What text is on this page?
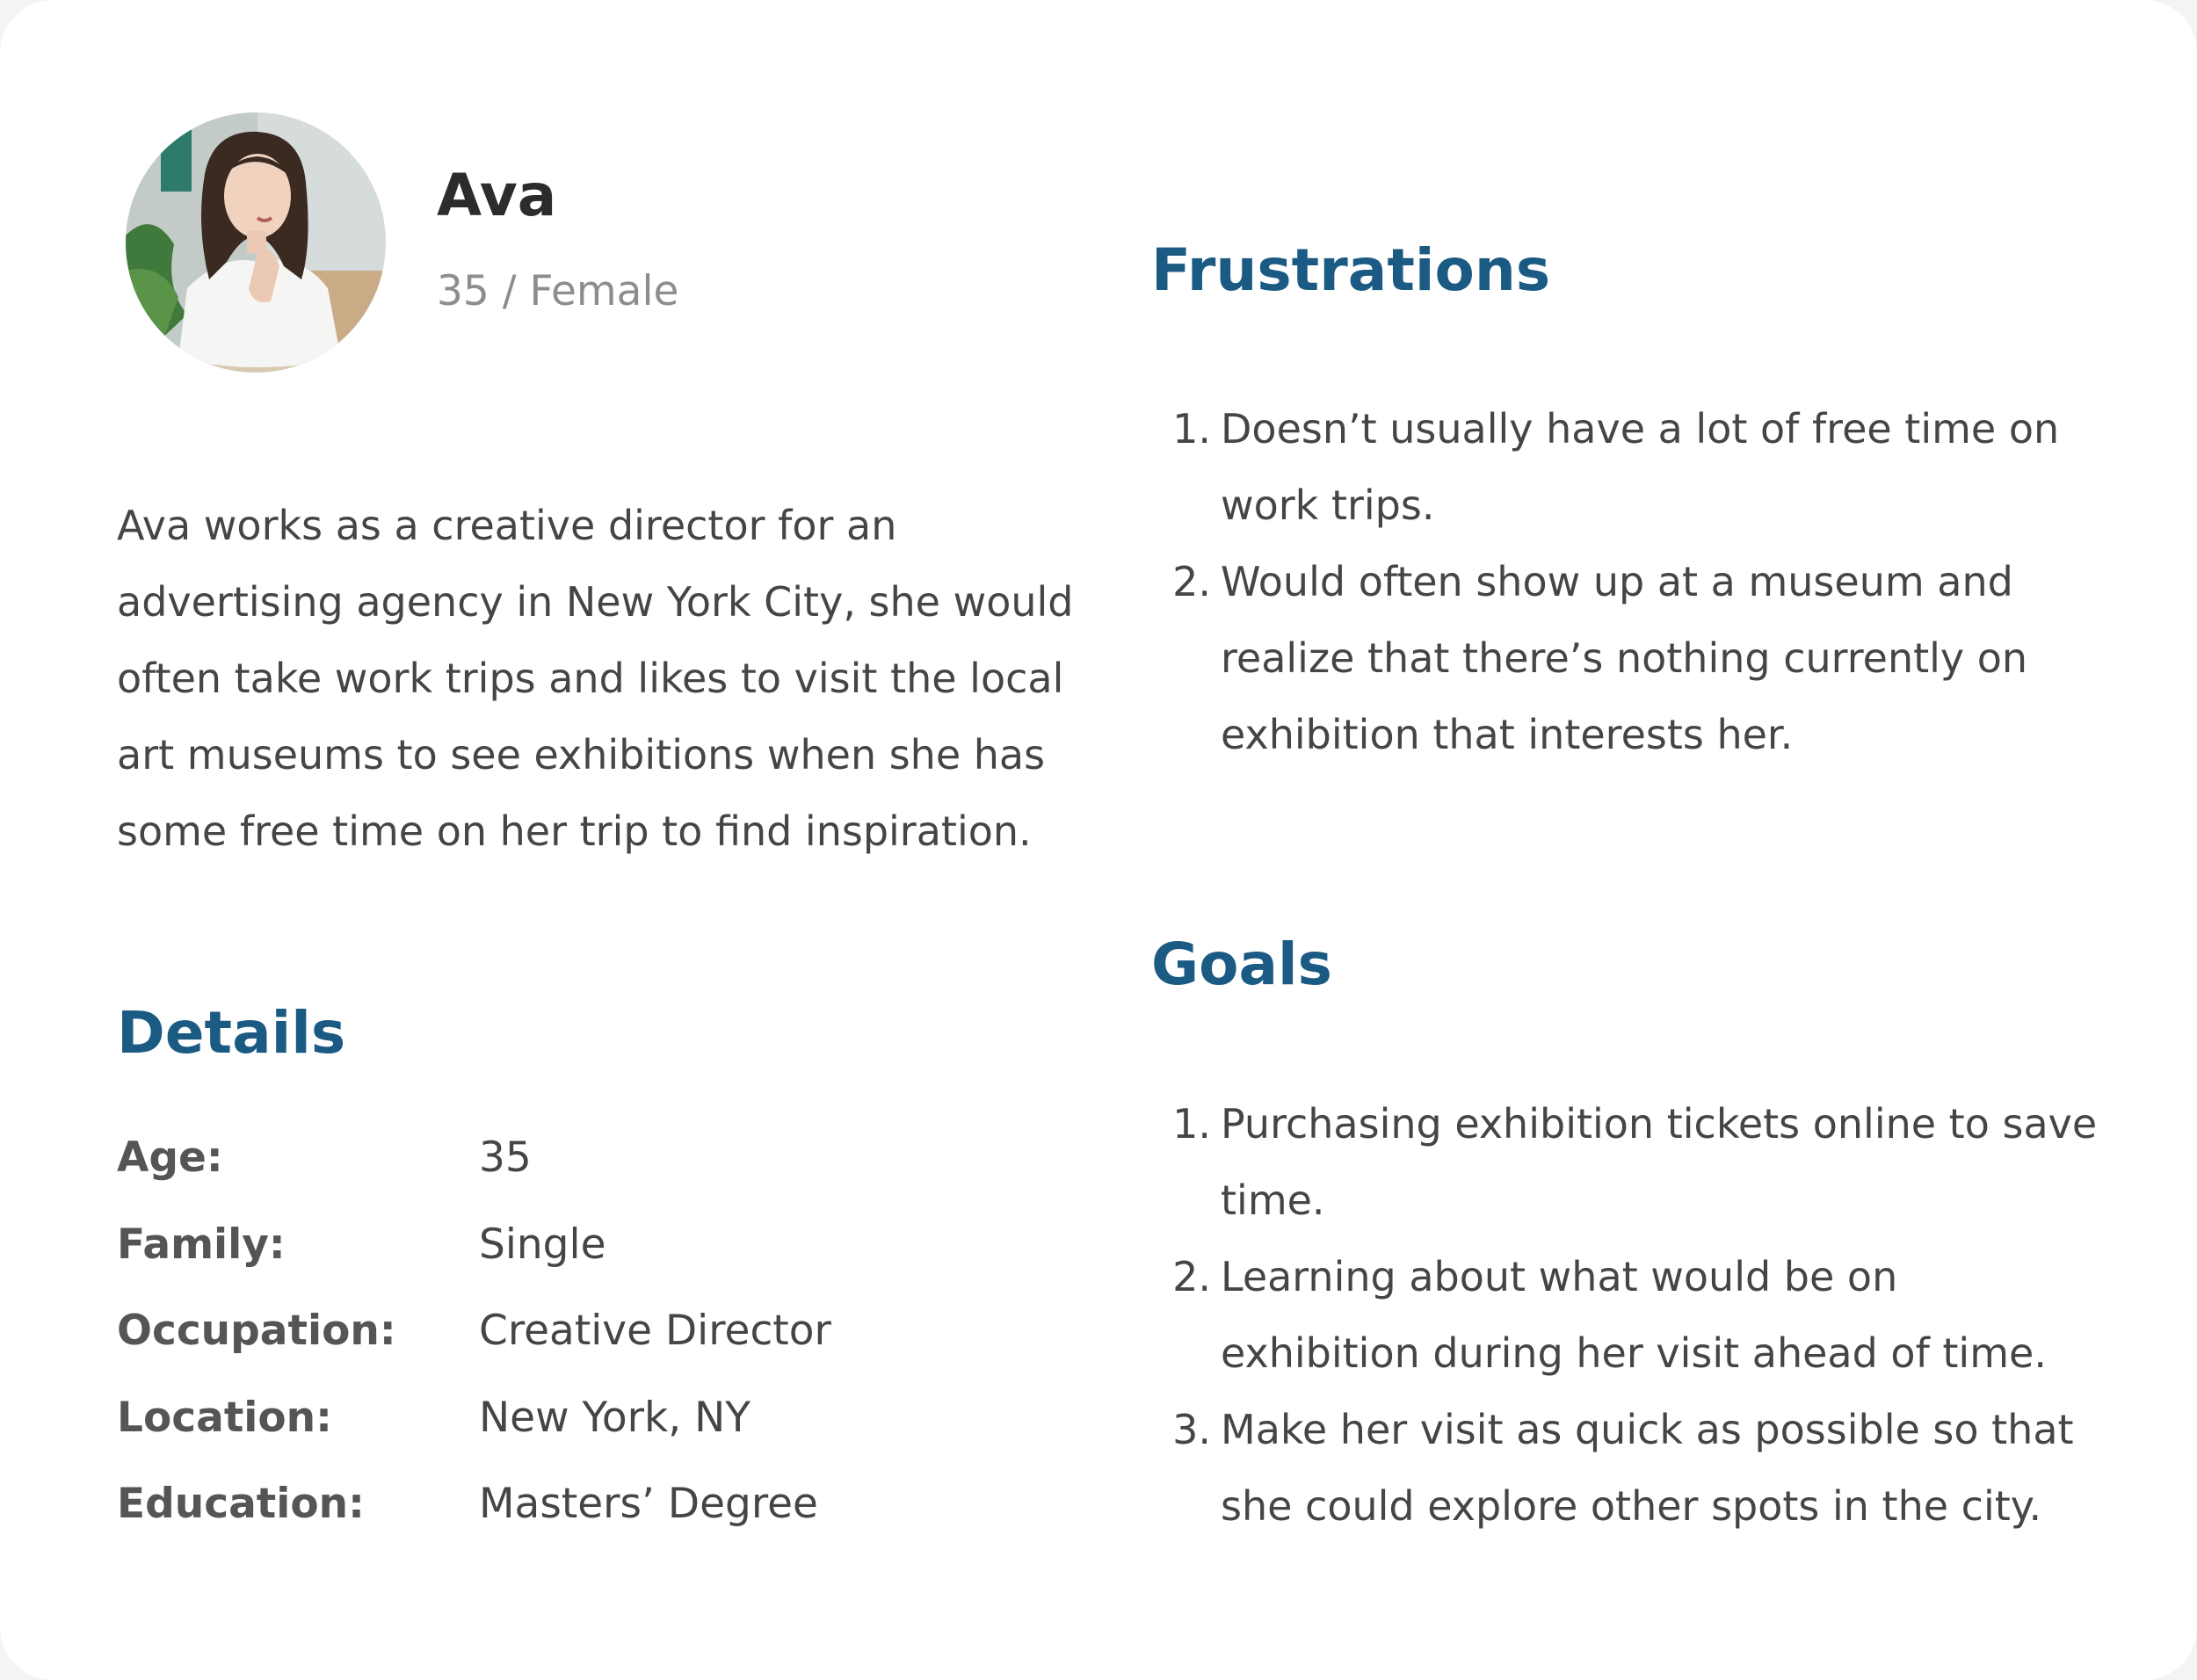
Ava
35 / Female

Ava works as a creative director for an advertising agency in New York City, she would often take work trips and likes to visit the local art museums to see exhibitions when she has some free time on her trip to find inspiration.

Details
Age:	35
Family:	Single
Occupation: Creative Director
Location:	New York, NY
Education:	Masters’ Degree
Frustrations
1. Doesn’t usually have a lot of free time on work trips.
2. Would often show up at a museum and realize that there’s nothing currently on exhibition that interests her.
Goals
1. Purchasing exhibition tickets online to save time.
2. Learning about what would be on exhibition during her visit ahead of time.
3. Make her visit as quick as possible so that she could explore other spots in the city.
